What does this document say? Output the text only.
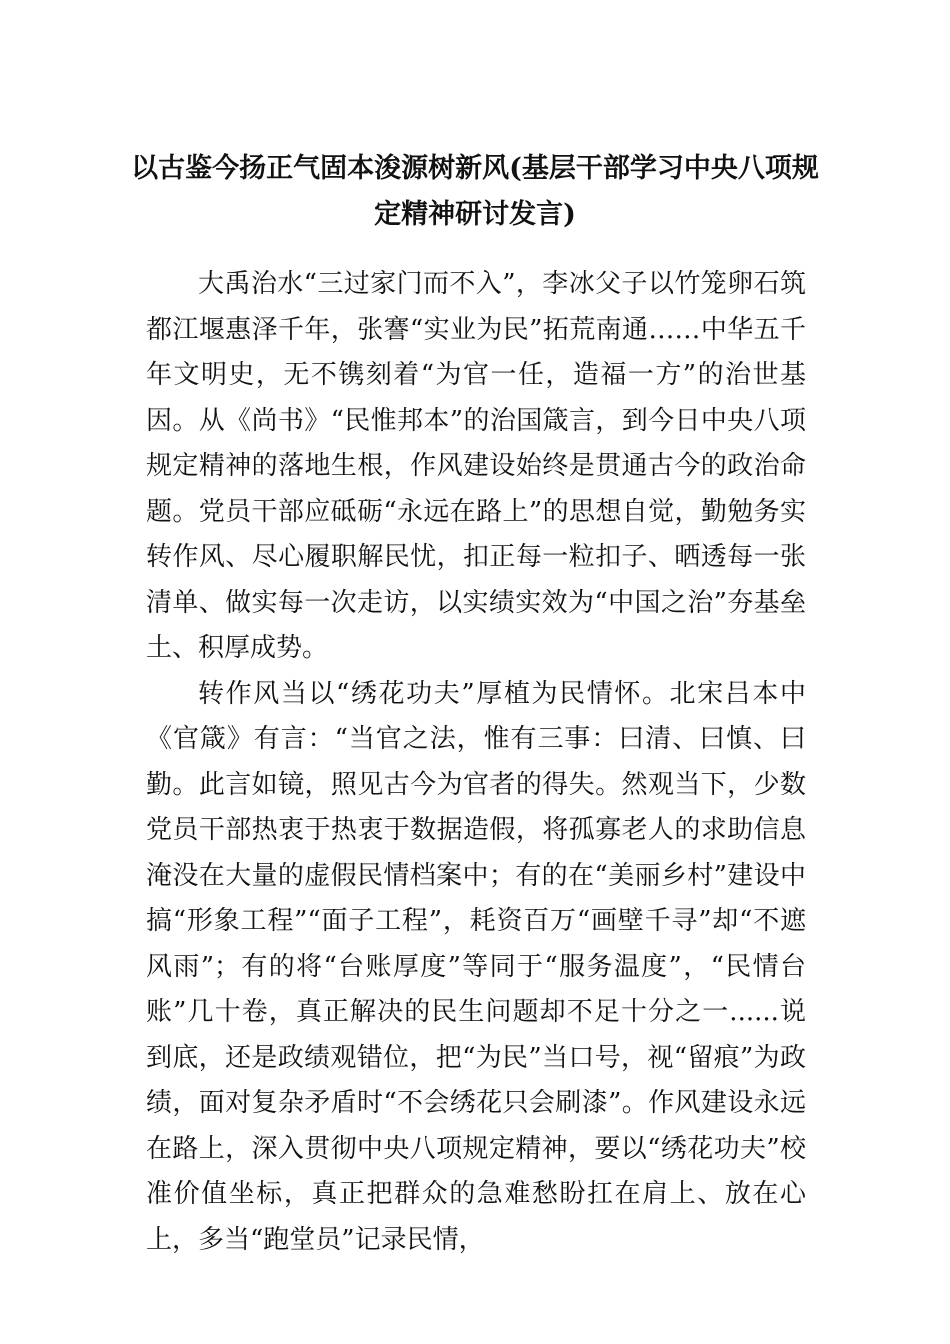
以古鉴今扬正气固本浚源树新风(基层干部学习中央八项规定精神研讨发言)

大禹治水“三过家门而不入”，李冰父子以竹笼卵石筑都江堰惠泽千年，张謇“实业为民”拓荒南通……中华五千年文明史，无不镌刻着“为官一任，造福一方”的治世基因。从《尚书》“民惟邦本”的治国箴言，到今日中央八项规定精神的落地生根，作风建设始终是贯通古今的政治命题。党员干部应砥砺“永远在路上”的思想自觉，勤勉务实转作风、尽心履职解民忧，扣正每一粒扣子、晒透每一张清单、做实每一次走访，以实绩实效为“中国之治”夯基垒土、积厚成势。

转作风当以“绣花功夫”厚植为民情怀。北宋吕本中《官箴》有言：“当官之法，惟有三事：曰清、曰慎、曰勤。此言如镜，照见古今为官者的得失。然观当下，少数党员干部热衷于热衷于数据造假，将孤寡老人的求助信息淹没在大量的虚假民情档案中；有的在“美丽乡村”建设中搞“形象工程”“面子工程”，耗资百万“画壁千寻”却“不遮风雨”；有的将“台账厚度”等同于“服务温度”，“民情台账”几十卷，真正解决的民生问题却不足十分之一......说到底，还是政绩观错位，把“为民”当口号，视“留痕”为政绩，面对复杂矛盾时“不会绣花只会刷漆”。作风建设永远在路上，深入贯彻中央八项规定精神，要以“绣花功夫”校准价值坐标，真正把群众的急难愁盼扛在肩上、放在心上，多当“跑堂员”记录民情，
